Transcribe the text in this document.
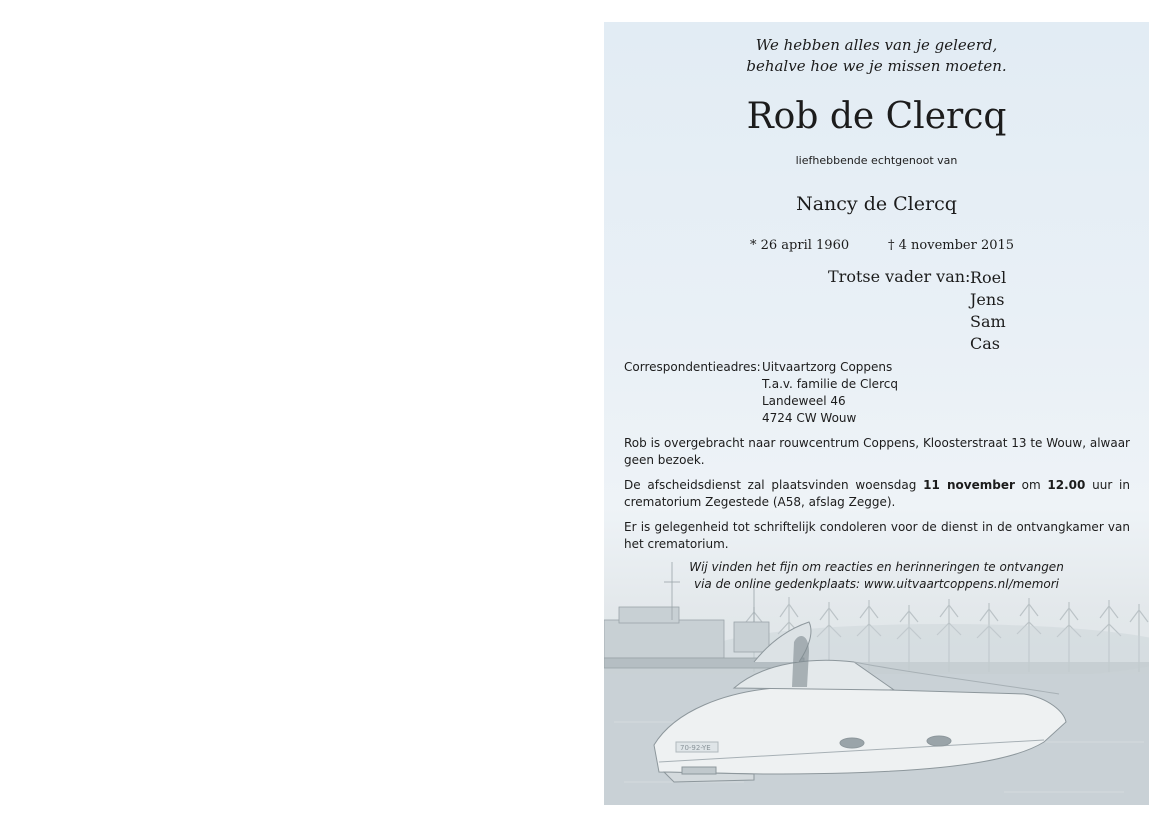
70-92-YE
We hebben alles van je geleerd,
behalve hoe we je missen moeten.
Rob de Clercq
liefhebbende echtgenoot van
Nancy de Clercq
* 26 april 1960	† 4 november 2015
Trotse vader van: Roel
Jens
Sam
Cas
Correspondentieadres: Uitvaartzorg Coppens
T.a.v. familie de Clercq
Landeweel 46
4724 CW Wouw
Rob is overgebracht naar rouwcentrum Coppens, Kloosterstraat 13 te Wouw, alwaar geen bezoek.
De afscheidsdienst zal plaatsvinden woensdag 11 november om 12.00 uur in crematorium Zegestede (A58, afslag Zegge).
Er is gelegenheid tot schriftelijk condoleren voor de dienst in de ontvangkamer van het crematorium.
Wij vinden het fijn om reacties en herinneringen te ontvangen
via de online gedenkplaats: www.uitvaartcoppens.nl/memori
